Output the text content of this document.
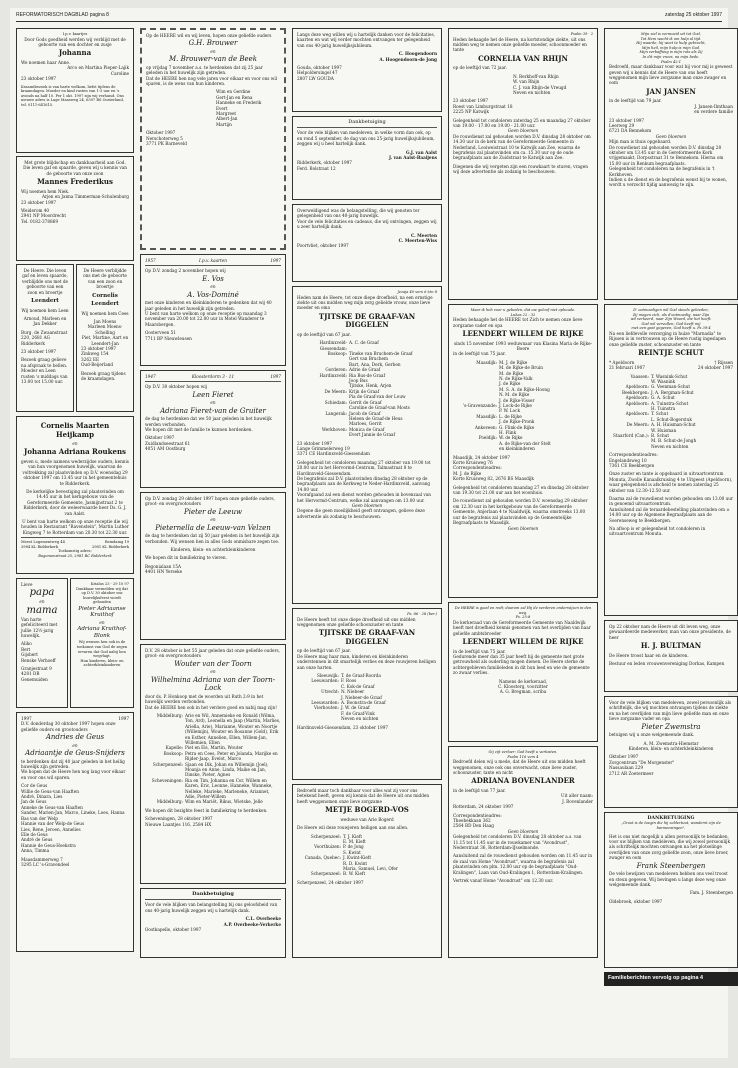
REFORMATORISCH DAGBLAD pagina 8	zaterdag 25 oktober 1997
I.p.v. kaartjes
Door Gods goedheid werden wij verblijd met de geboorte van een dochter en zusje
Johanna
We noemen haar Anne.
Arco en Martina Pieper-Lajik
Caroline
23 oktober 1997
Kraamtbezoek is van harte welkom, liefst tijdens de kraamdagen. Moeder en kind rusten van 1-3 uur en 's avonds na half 10. Per 1 okt. 1997 zijn wij verhuisd. Ons nieuwe adres is Lage Maasweg 24, 6397 BS Oosterland, tel. 0111-641615.
Met grote blijdschap en dankbaarheid aan God. Die leven gaf en spaarde, geven wij u kennis van de geboorte van onze zoon
Mannes Frederikus
Wij noemen hem Niek.
Arjen en Janna Timmerman-Schulenburg
23 oktober 1997
Weiderom 40
2941 NP Moordrecht
Tel. 0182-378869
De Heere. Die leven gaf en leven spaarde, verblijdde ons met de geboorte van een zoon en broertje
Leendert
Wij noemen hem Leen
Arnoud, Marleen en Jan Dekker
Burg. de Zwaanstraat 220, 2681 AG Ridderkerk
23 oktober 1997
Bezoek graag gelieve na afspraak te bellen. Moeder en Leen rusten 's middags van 13.00 tot 15.00 uur.
De Heere verblijdde ons met de geboorte van een zoon en broertje
Cornelis Leendert
Wij noemen hem Cees
Jan Moens
Marleen Moens-Schelling
Piet, Martine, Aart en Leendert-Jan
23 oktober 1997
Zinkweg 154
3262 EE
Oud-Beijerland
Bezoek graag tijdens de kraamdagen.
Cornelis Maarten Heijkamp
en
Johanna Adriana Roukens
geven u, mede namens wederzijdse ouders, kennis van hun voorgenomen huwelijk, waarvan de voltrekking zal plaatsvinden op D.V. woensdag 29 oktober 1997 om 13.45 uur in het gemeentehuis te Ridderkerk.
De kerkelijke bevestiging zal plaatsvinden om 14.45 uur in het kerkgebouw van de Gereformeerde Gemeente, Jasmijnstraat 2 te Ridderkerk, door de weleerwaarde heer Ds. G. J. van Aalst.
U bent van harte welkom op onze receptie die wij houden in Restaurant "Ravenstein", Martin Luther Kingweg 7 te Rotterdam van 20.30 tot 22.30 uur.
Meest Logementweg 44	Reindamg 19
3984 KL Ridderkerk	2981 KL Ridderkerk
Toekomstig adres:
Bagonumstraat 25, 2981 RC Ridderkerk
Lieve
papa
en
mama
Van harte gefeliciteerd met jullie 12½-jarig huwelijk.
Aliko
Bert
Gijsbert
Renske Verhoeff
Granjestraat 9
4281 DB Genemuiden
Krialus 23 · 29 10 97
Dankbaar vermelden wij dat op D.V. 30 oktober ons huwelijksfeest wordt gehouden
Pieter Adriaanse Kruithof
en
Adriana Kruithof-Blonk
Wij wensen hen ook in de toekomst van God de zegen ervaren dat God nabij hen wegvlagt.
Hun kinderen, klein- en achterkleinkinderen
1997	1997
D.V. donderdag 30 oktober 1997 hopen onze geliefde ouders en grootouders
Andries de Geus
en
Adriaantje de Geus-Snijders
te herdenken dat zij 40 jaar geleden in het heilig huwelijk zijn getreden.
We hopen dat de Heere hen nog lang voor elkaar en voor ons wil sparen.
Cor de Geus
Willie de Geus-van Haaften
André, Dinara, Lies
Jan de Geus
Anneke de Geus-van Haaften
Sander, Marien-Jan, Marco, Lineke, Loes, Hanna
Bas van der Welp
Hannie van der Welp-de Geus
Lies, Rene, Jeroen, Annelies
Elle de Geus
André de Geus
Hannie de Geus-Hoekstra
Anna, Timma
Maasdammerweg 7
3295 LC 's-Gravendeel
Op de HEERE wil en wij leven, hopen onze geliefde ouders
G.H. Brouwer
en
M. Brouwer-van de Beek
op vrijdag 7 november a.s. te herdenken dat zij 25 jaar geleden in het huwelijk zijn getreden.
Dat de HEERE hen nog vele jaren voor elkaar en voor ons wil sparen, is de wens van hun kinderen.
Wim en Gerdine
Gert-Jan en Rena
Hanneke en Frederik
Evert
Margreet
Albert-Jan
Martijn
Oktober 1997
Nerschoterweg 5
3771 PK Barneveld
1957	I.p.v. kaarten	1997
Op D.V. zondag 2 november hopen wij
E. Vos
en
A. Vos-Dominé
met onze kinderen en kleinkinderen te gedenken dat wij 40 jaar geleden in het huwelijk zijn getreden.
U bent van harte welkom op onze receptie op maandag 3 november van 20.00 tot 22.00 uur in Motel Wanderer te Maarsbergen.
Oosterveen 51
7711 BP Nieuwleusen
1947	Kloosterdorm 3 · 11	1997
Op D.V. 30 oktober hopen wij
Leen Fieret
en
Adriana Fieret-van de Gruiter
de dag te herdenken dat we 50 jaar geleden in het huwelijk werden verbonden.
We hopen dit met de familie te kunnen herdenken.
Oktober 1997
Zuidlandseestraat 61
4051 AM Oostburg
Op D.V. zondag 29 oktober 1997 hopen onze geliefde ouders, groot- en overgrootouders
Pieter de Leeuw
en
Pieternella de Leeuw-van Velzen
de dag te herdenken dat zij 50 jaar geleden in het huwelijk zijn verbonden. Wij wensen hen in alles Gods onmisbare zegen toe.
Kinderen, klein- en achterkleinkinderen
We hopen dit in familiekring te vieren.
Begonialaan 15A
4401 HN Yerseke
D.V. 28 oktober is het 55 jaar geleden dat onze geliefde ouders, groot- en overgrootouders
Wouter van der Toorn
en
Wilhelmina Adriana van der Toorn-Lock
door ds. P. Honkoop met de woorden uit Ruth 2:9 in het huwelijk werden verbonden.
Dat de HEERE hen ook in het verdere goed en nabij mag zijn!
Middelburg: Arie en Wil, Annemieke en Ronald (Wilma, Ton, Ard), Leonella en Jaap (Martin, Marlies, Ariella, Arie), Marianne, Wouter en Noortje (Willemijn), Wouter en Rosanne (Gold), Erik en Esther, Annelien, Ellen, Willem-Jan, Willemien, Ellen
Kapelle: Piet en Els, Martin, Wouter
Boskoop: Petra en Cees, Peter en Jolanda, Marijke en Rijder-Jaap, Evelot, Marco
Scherpenzeel: Sjaan en Dik, Johan en Willemijn (Joel), Moanja en Anne, Linda, Maike en Jan, Dinske, Pieter, Agnes
Scheveningen: Ria en Tim, Johanna en Cor, Willem en Karen, Eric, Leonne, Hanneke, Wanneke, Nelleke, Marieke, Marleneke, Ariannet, Adie, Pieter-Willem
Middelburg: Wim en Mariët, Rikus, Wietske, Jelle
We hopen dit bezighte feest in familiekring te herdenken.
Scheveningen, 28 oktober 1997
Nieuwe Laantjes 116, 2584 HX
Dankbetuiging
Voor de vele blijken van belangstelling bij ons geloofsheid van ons 40-jarig huwelijk zeggen wij u hartelijk dank.
C.L. Overbeeke
A.P. Overbeeke-Verkerke
Oostkapelle, oktober 1997
Langs deze weg willen wij u hartelijk danken voor de felicitaties, kaarten en wat wij verder mochten ontvangen ter gelegenheid van ons 40-jarig huwelijksjubileum.
C. Hoogendoorn
A. Hoogendoorn-de Jong
Gouda, oktober 1997
Helpoldersingel 47
2807 LW GOUDA
Dankbetuiging
Voor de vele blijken van medeleven, in welke vorm dan ook, op en rond 5 september, de dag van ons 25-jarig huwelijksjubileum, zeggen wij u heel hartelijk dank.
G.J. van Aalst
J. van Aalst-Baaijens
Ridderkerk, oktober 1997
Ferd. Bolstraat 12
Overweldigend was de belangstelling, die wij genoten ter gelegenheid van ons 40-jarig huwelijk.
Voor de vele felicitaties en cadeaus, die wij ontvingen, zeggen wij u zeer hartelijk dank.
C. Meerten
C. Meerten-Wiss
Poortvliet, oktober 1997
Jezaja 40 vers 6 t/m 8
Heden nam de Heere, tot onze diepe droefheid, na een ernstige ziekte uit ons midden weg mijn zorg gelielde vrouw, onze lieve moeder en oma
TJITSKE DE GRAAF-VAN DIGGELEN
op de leeftijd van 67 jaar.
Hardinxveld-Giessendam:
A. C. de Graaf
Boskoop: Tineke van Bruchem-de Graaf
Gert van Bruchem
Bart, Ana, Derk, Gerben
Gorderen: Adrie de Graaf
Hardinxveld: Ria Bus-de Graaf
Joop Bus
Tjitske, Henk, Arjen
De Meern: Krijn de Graaf
Pia de Graaf-van der Louw
Schiedam: Gerrit de Graaf
Caroline de Graaf-van Mosts
Langerak: Jacob de Graaf
Heleen de Graaf-de Heus
Marloes, Gerrit
Werkhoven: Monica de Graaf
Evert Jannie de Graaf
23 oktober 1997
Lange Grimmelerweg 19
3371 CE Hardinxveld-Giessendam
Gelegenheid tot condoleren maandag 27 oktober van 19.00 tot 20.00 uur in het Hervormd-Centrum, Talmastraat 8 te Hardinxveld-Giessendam.
De begrafenis zal D.V. plaatsvinden dinsdag 28 oktober op de begraafplaats aan de Kerkweg te Neder-Hardinxveld, aanvang 14.00 uur.
Voorafgaand zal een dienst worden gehouden in bovenzaal van het Hervormd-Centrum, welke zal aanvangen om 13.00 uur.
Geen bloemen
Degene die geen moeilijkheid geeft ontvangen, gelieve deze advertentie als zodanig te beschouwen.
Ps. 86 · 28 (ber.)
De Heere heeft tot onze diepe droefheid uit ons midden weggenomen onze geliefde schoonzuster en tante
TJITSKE DE GRAAF-VAN DIGGELEN
op de leeftijd van 67 jaar.
De Heere mag haar man, kinderen en kleinkinderen onderstennen in dit smartelijk verlies en deze rouwjeren heiligen aan onze harten.
Sleeuwijk: T. de Graaf-Roorda
Leeuwarden: F. Roos
C. Kok-de Graaf
Utrecht: N. Niebeer
J. Niebeer-de Graaf
Leeuwarden: A. Boonstra-de Graaf
Vierhouten: J. W. de Graaf
F. de Graaf-Vink
Neven en nichten
Hardinxveld-Giessendam, 23 oktober 1997
Bedroefd maar toch dankbaar voor alles wat zij voor ons betekend heeft, geven wij kennis dat de Heere uit ons midden heeft weggenomen onze lieve zorgzame
METJE BOGERD-VOS
weduwe van Arie Bogerd
De Heere wil deze rouwjeren heiligen aan ons allen.
Scherpenzeel: T. J. Kieft
E. M. Kieft
Voorthuizen: P. de Jong
S. Kwint
Canada, Quebec: J. Kwint-Kieft
R. D. Kwint
Maria, Samuel, Levi, Ofer
Scherpenzeel: B. W. Kieft
Scherpenzeel, 24 oktober 1997
Psalm 39 · 2
Heden behaagde het de Heere, na kortstondige ziekte, uit ons midden weg te nemen onze geliefde moeder, schoonmoeder en tante
CORNELIA VAN RHIJN
op de leeftijd van 72 jaar.
N. Berkhoff-van Rhijn
W. van Rhijn
C. J. van Rhijn-de Vreugd
Neven en nichten
23 oktober 1997
Roest van Limburgstraat 18
2225 NP Katwijk
Gelegenheid tot condoleren zaterdag 25 en maandag 27 oktober van 19.00 - 17.00 en 19.00 - 21.00 uur.
Geen bloemen
De rouwdienst zal gehouden worden D.V. dinsdag 28 oktober om 14.30 uur in de kerk van de Gereformeerde Gemeente in Nederland, Looiweistraat 10 te Katwijk aan Zee, waarna de begrafenis zal plaatsvinden om ca. 15.30 uur op de oude begraafplaats aan de Zuidstraat te Katwijk aan Zee.
Diegenen die wij vergeten zijn een rouwkaart te sturen, vragen wij deze advertentie als zodanig te beschouwen.
Maar ik heb voor u gebeden, dat uw geloof niet ophoude.
Lukas 22 : 32
Heden behaagde het de HEERE tot Zich te nemen onze lieve zorgzame vader en opa
LEENDERT WILLEM DE RIJKE
sinds 15 november 1993 weduwnaar van Klasina Maria de Rijke-Boere
in de leeftijd van 75 jaar.
Maasdijk: M. J. de Rijke
M. de Rijke-de Bruin
M. de Rijke
N. de Rijke-Valk
J. de Rijke
M. S. A. de Rijke-Hoong
N. M. de Rijke
J. de Rijke-Visser
's-Gravenzande: J. Lock-de Rijke
P. W. Lock
Maasdijk: L. de Rijke
J. de Rijke-Pronk
Ankeveen: G. Flink-de Rijke
H. Flink
Poeldijk: W. de Rijke
A. de Rijke-van der Stelt
en kleinkinderen
Maasdijk, 24 oktober 1997
Korte Kruisweg 76
Correspondentieadres:
M. J. de Rijke
Korte Kruisweg 82, 2676 BS Maasdijk
Gelegenheid tot condoleren maandag 27 en dinsdag 28 oktober van 19.30 tot 21.00 uur aan het woonhuis.
De rouwdienst zal gehouden worden D.V. woensdag 29 oktober om 12.30 uur in het kerkgebouw van de Gereformeerde Gemeente, Anjerlaan 4 te Naaldwijk, waarna omstreeks 13.00 uur de begrafenis zal plaatsvinden op de Gemeentelijke Begraafplaats te Maasdijk.
Geen bloemen
De HEERE is goed en redt; daarom zal Hij de verderen onderwijzen in den weg.
Ps. 25:8
De kerkeraad van de Gereformeerde Gemeente van Naaldwijk heeft met droefheid kennis genomen van het overlijden van haar geliefde ambtsbroeder
LEENDERT WILLEM DE RIJKE
in de leeftijd van 75 jaar.
Gedurende meer dan 35 jaar heeft hij de gemeente met grote getrouwheid als ouderling mogen dienen. De Heere sterke de achtergebleven familieleden in dit hun leed en wie de gemeente zo zwaar verlies.
Namens de kerkeraad,
C. Kloosterg, voorzitter
A. G. Bregman, scriba
Gij zijt verloer: God heeft u verlosten.
Psalm 116 vers 4
Bedroefd delen wij u mede, dat de Heere uit ons midden heeft weggenomen, onze ook ons onverwacht, onze lieve zuster, schoonzuster, tante en nicht
ADRIANA BOVENLANDER
in de leeftijd van 77 jaar.
Uit aller naam:
J. Bovenlander
Rotterdam, 24 oktober 1997
Correspondentieadres:
Theebekkaan 362
2564 BD Den Haag
Geen bloemen
Gelegenheid tot condoleren D.V. dinsdag 28 oktober a.s. van 11.15 tot 11.45 uur in de rouwkamer van "Avondrust", Nederstraat 36, Rotterdam-IJsselmonde.
Aansluitend zal de rouwdienst gehouden worden om 11.45 uur in de zaal van Home "Avondrust", waarna de begrafenis zal plaatsvinden om plm. 12.00 uur op de begraafplaats "Oud-Kralingen", Laan van Oud-Kralingen 1, Rotterdam-Kralingen.
Vertrek vanaf Home "Avondrust" om 12.30 uur.
Mijn ziel is vermoeid uit tot God,
Tot Hem wacht ik om hulp al tijd.
Hij waarde, hij weet te hulp gebracht,
Mijn heil, mijn hulp is mijn God.
Mijn verbaffung is mijn rots als Zij
In dit mijn vrees, na mijn bede.
Psalm 42:1
Bedroefd, maar dankbaar voor wat hij voor mij is geweest geven wij u kennis dat de Heere van ons heeft weggenomen mijn lieve zorgzame man onze zwager en oom
JAN JANSEN
in de leeftijd van 79 jaar.
J. Jansen-Ilmthaan
en verdere familie
23 oktober 1997
Leerweg 29
6721 DA Bennekom
Geen bloemen
Mijn man is thuis opgebaard.
De rouwdienst zal gehouden worden D.V. dinsdag 28 oktober om 13.45 uur in de Gereformeerde Kerk vrijgemaakt, Dorpsstraat 31 te Bennekom. Hierna om 15.00 uur in Renkum begraafplaats.
Gelegenheid tot condoleren na de begrafenis in 't Kerkhoven.
Indien u de dienst en de begrafenis wenst bij te wonen, wordt u verzocht tijdig aanwezig te zijn.
D' ootmoedigen wil God steeds gebieden;
Zij mogen zich, als d'ootmoedig, naar Zijn
wil verkeerd, naar Zijn Woord, die het heeft.
God wil vervullen; God heeft mij
met een gast gegeven, God heeft u. Ps 39:4
Na een liefdevolle verzorging in huize "Marnadia" te Rijssen is in vertrouwen op de Heere rustig ingeslapen onze geliefde zuster, schoonzuster en tante
REINTJE SCHUT
* Apeldoorn
21 februari 1907
† Rijssen
24 oktober 1997
Vaassen: T. Wasnink-Schut
W. Wasnink
Apeldoorn: G. Veenman-Schut
Beekbergen: J. A. Bergman-Schut
Apeldoorn: G. A. Schut
Apeldoorn: A. Tuinstra-Schut
H. Tuinstra
Apeldoorn: T. Schut
L. Schut-Bogerstuk
De Meern: A. H. Huisman-Schut
W. Huisman
Staarford (Can.): B. Schut
M. B. Schut-de Jongh
Neven en nichten
Correspondentieadres:
Engelandsweg 10
7361 CE Beekbergen
Onze zuster en tante is opgebaard in uitvaartcentrum Monuta, Zwolle Kanaalkruising 4 te Uitgeest (Apeldoorn), waar gelegenheid is afscheid te nemen zaterdag 25 oktober van 12.30-12.50 uur.
Daarna zal de rouwdienst worden gehouden om 13.00 uur in genoemd uitvaartcentrum.
Aansluitend zal de teraardebestelling plaatsvinden om ± 14.00 uur op de Algemene Begraafplaats aan de Soerenseweg te Beekbergen.
Na afloop is er gelegenheid tot condoleren in uitvaartcentrum Monuta.
Op 22 oktober nam de Heere uit dit leven weg, onze gewaardeerde medewerker, man van onze presidente, de heer
H. J. BULTMAN
De Heere troost haar en de kinderen.
Bestuur en leden vrouwenvereniging Dorkas, Kampen
Voor de vele blijken van medeleven, zowel persoonlijk als schriftelijk, die wij mochten ontvangen tijdens de ziekte en na het overlijden van mijn lieve geliefde man en onze lieve zorgzame vader en opa
Pieter Zwemstra
betuigen wij u onze welgemeende dank.
A. M. Zwemstra-Hiemstar
Kinderen, klein- en achterkleinkinderen
Oktober 1997
Zorgcentrum "De Morgenster"
Nassaulaan 229
2712 AR Zoetermeer
DANKBETUIGING
„Groot is de toegin die hij zeldertuut, wanderst zijn de barmensingen".
Het is ons niet mogelijk u allen persoonlijk te bedanken, voor uw blijken van medeleven, die wij zowel persoonlijk als schriftelijk mochten ontvangen na het plotselinge overlijden van onze zorg geliefde zoon, onze lieve broer, zwager en oom
Frank Steenbergen
De vele bewijzen van medeleven hebben ons veel troost en steun gegeven. Wij bevingen u langs deze weg onze welgemeende dank.
Fam. J. Steenbergen
Oldebroek, oktober 1997
Familieberichten vervolg op pagina 4
